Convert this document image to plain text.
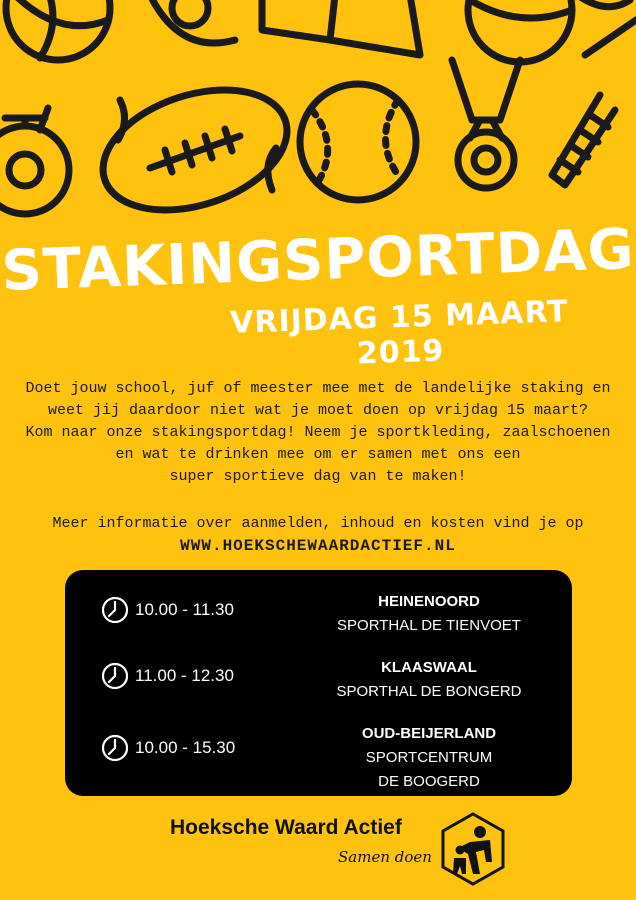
STAKINGSPORTDAG
VRIJDAG 15 MAART 2019

Doet jouw school, juf of meester mee met de landelijke staking en

weet jij daardoor niet wat je moet doen op vrijdag 15 maart?

Kom naar onze stakingsportdag! Neem je sportkleding, zaalschoenen

en wat te drinken mee om er samen met ons een

super sportieve dag van te maken!

Meer informatie over aanmelden, inhoud en kosten vind je op

WWW.HOEKSCHEWAARDACTIEF.NL

10.00 - 11.30	HEINENOORD
SPORTHAL DE TIENVOET
11.00 - 12.30	KLAASWAAL
SPORTHAL DE BONGERD
10.00 - 15.30
OUD-BEIJERLAND
SPORTCENTRUM
DE BOOGERD
Hoeksche Waard Actief
Samen doen
